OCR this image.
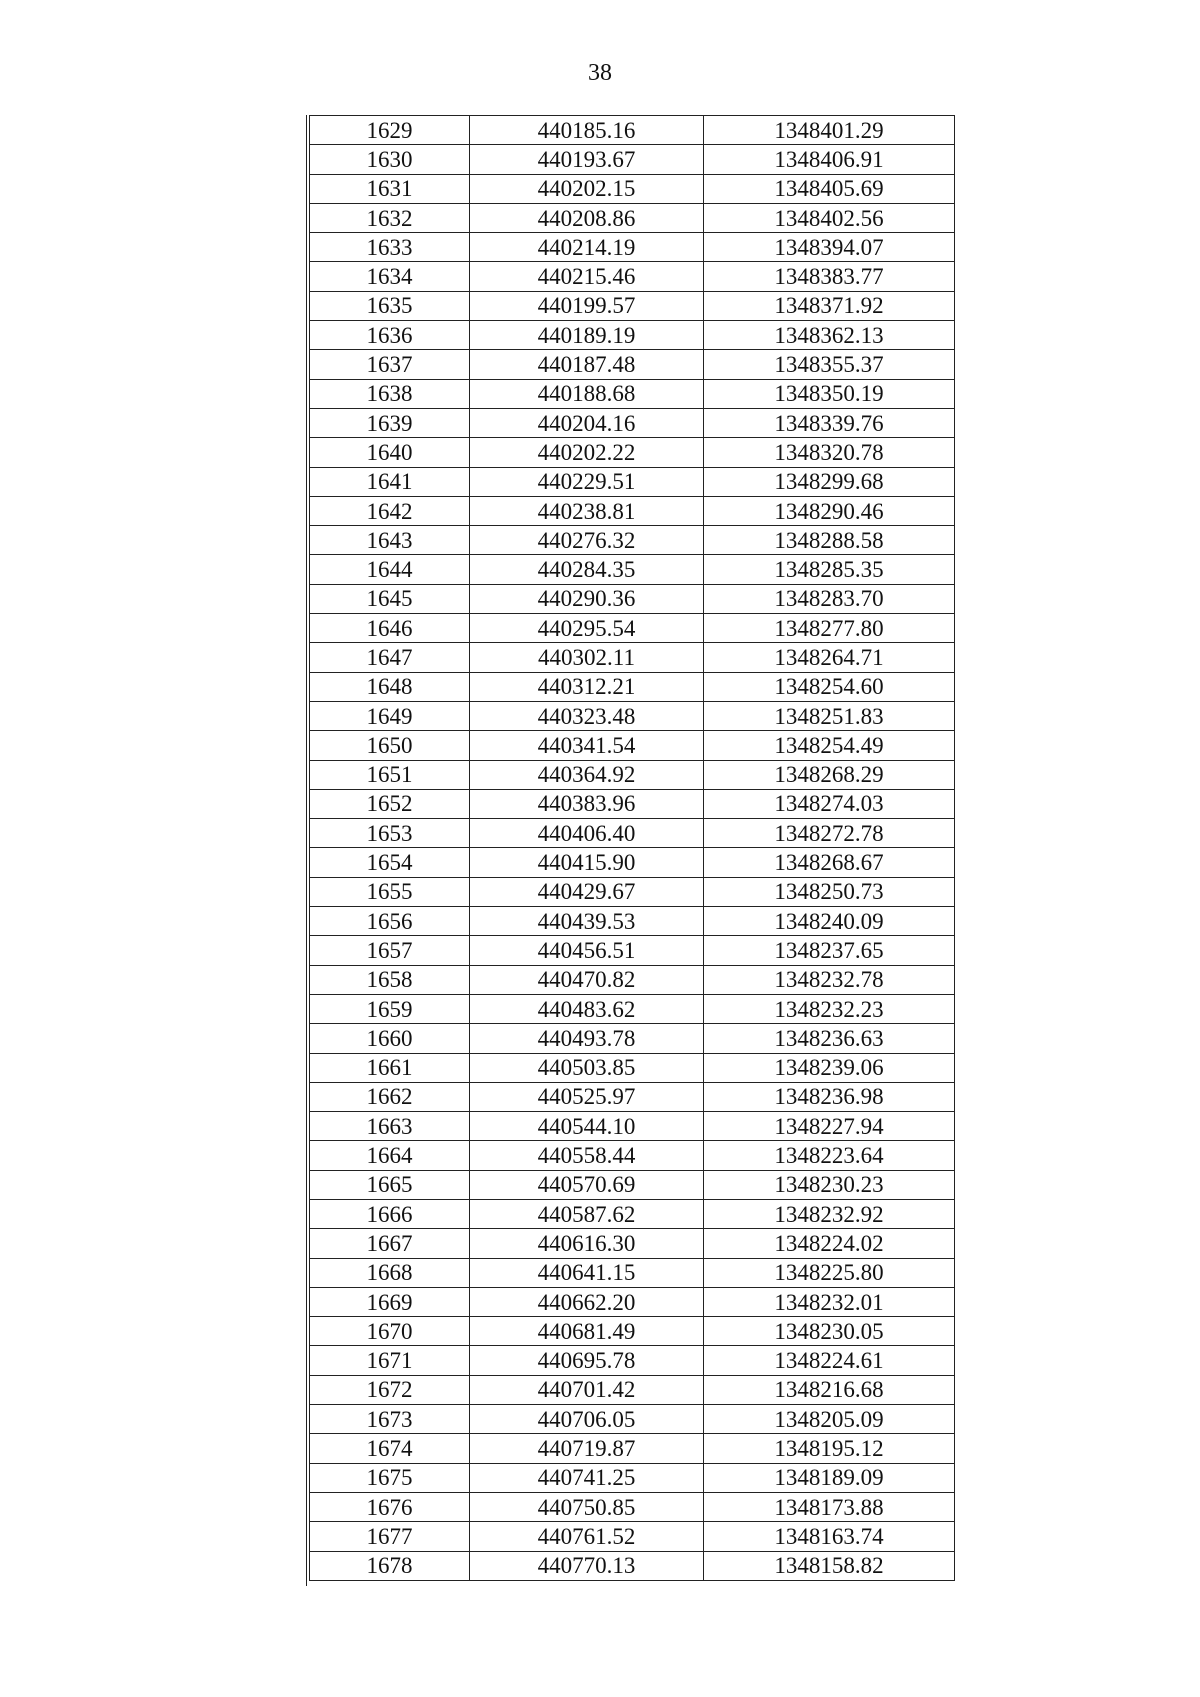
38
1629	440185.16	1348401.29
1630	440193.67	1348406.91
1631	440202.15	1348405.69
1632	440208.86	1348402.56
1633	440214.19	1348394.07
1634	440215.46	1348383.77
1635	440199.57	1348371.92
1636	440189.19	1348362.13
1637	440187.48	1348355.37
1638	440188.68	1348350.19
1639	440204.16	1348339.76
1640	440202.22	1348320.78
1641	440229.51	1348299.68
1642	440238.81	1348290.46
1643	440276.32	1348288.58
1644	440284.35	1348285.35
1645	440290.36	1348283.70
1646	440295.54	1348277.80
1647	440302.11	1348264.71
1648	440312.21	1348254.60
1649	440323.48	1348251.83
1650	440341.54	1348254.49
1651	440364.92	1348268.29
1652	440383.96	1348274.03
1653	440406.40	1348272.78
1654	440415.90	1348268.67
1655	440429.67	1348250.73
1656	440439.53	1348240.09
1657	440456.51	1348237.65
1658	440470.82	1348232.78
1659	440483.62	1348232.23
1660	440493.78	1348236.63
1661	440503.85	1348239.06
1662	440525.97	1348236.98
1663	440544.10	1348227.94
1664	440558.44	1348223.64
1665	440570.69	1348230.23
1666	440587.62	1348232.92
1667	440616.30	1348224.02
1668	440641.15	1348225.80
1669	440662.20	1348232.01
1670	440681.49	1348230.05
1671	440695.78	1348224.61
1672	440701.42	1348216.68
1673	440706.05	1348205.09
1674	440719.87	1348195.12
1675	440741.25	1348189.09
1676	440750.85	1348173.88
1677	440761.52	1348163.74
1678	440770.13	1348158.82
